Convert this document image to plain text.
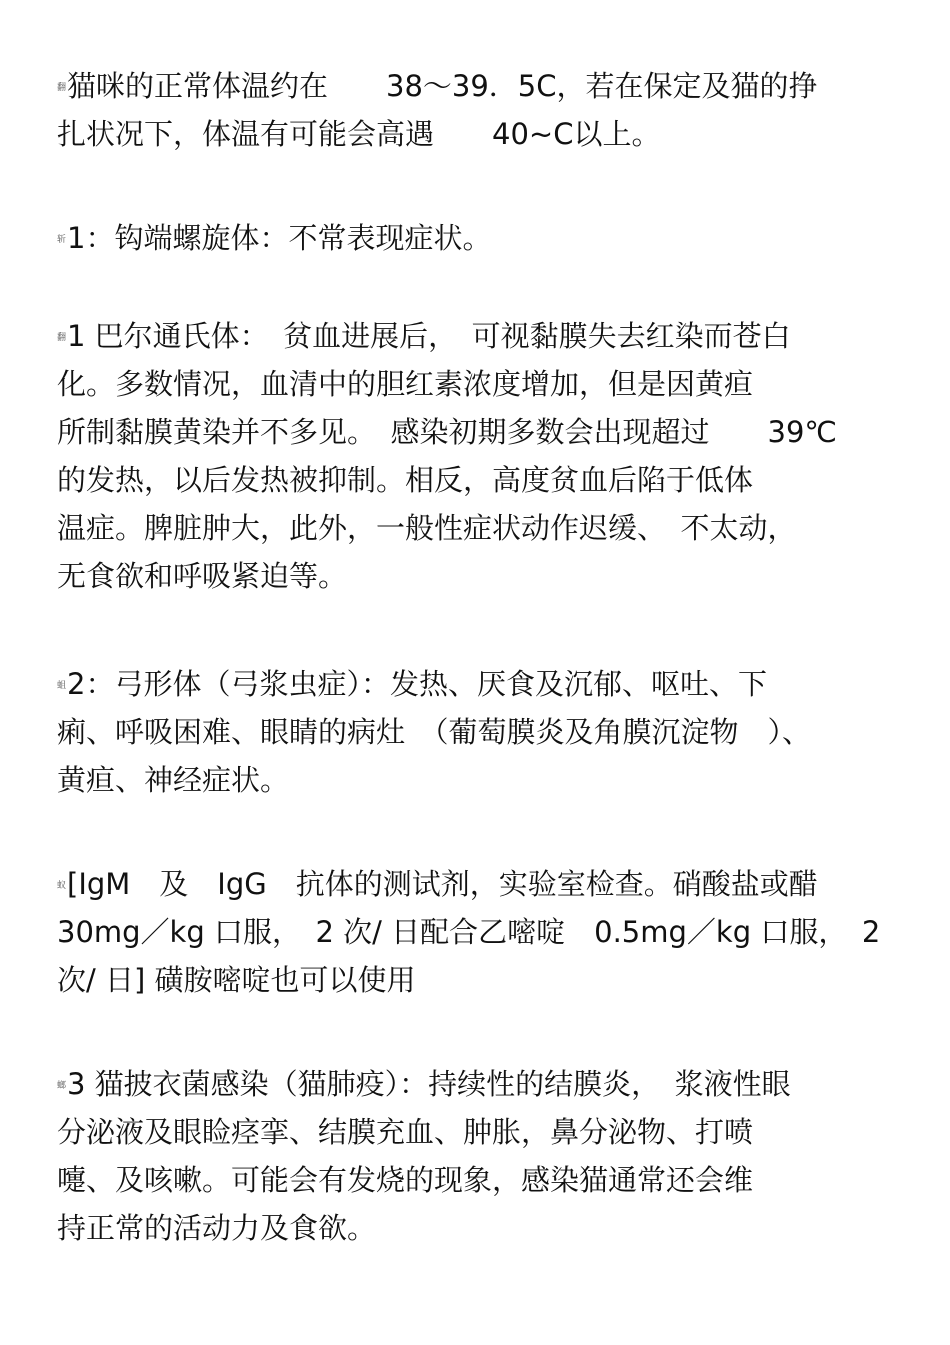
翻猫咪的正常体温约在　　38～39．5C，若在保定及猫的挣
扎状况下，体温有可能会高遇　　40~C以上。
斩1：钩端螺旋体：不常表现症状。
翻1 巴尔通氏体：　贫血进展后，　可视黏膜失去红染而苍白
化。多数情况，血清中的胆红素浓度增加，但是因黄疸
所制黏膜黄染并不多见。　感染初期多数会出现超过　　39℃
的发热，以后发热被抑制。相反，高度贫血后陷于低体
温症。脾脏肿大，此外，一般性症状动作迟缓、　不太动，
无食欲和呼吸紧迫等。
蛆2：弓形体（弓浆虫症）：发热、厌食及沉郁、呕吐、下
痢、呼吸困难、眼睛的病灶　（葡萄膜炎及角膜沉淀物　）、
黄疸、神经症状。
蚁[IgM　及　IgG　抗体的测试剂，实验室检查。硝酸盐或醋
30mg／kg 口服，　2 次/ 日配合乙嘧啶　0.5mg／kg 口服，　2
次/ 日] 磺胺嘧啶也可以使用
螂3 猫披衣菌感染（猫肺疫）：持续性的结膜炎，　浆液性眼
分泌液及眼睑痉挛、结膜充血、肿胀，鼻分泌物、打喷
嚏、及咳嗽。可能会有发烧的现象，感染猫通常还会维
持正常的活动力及食欲。
